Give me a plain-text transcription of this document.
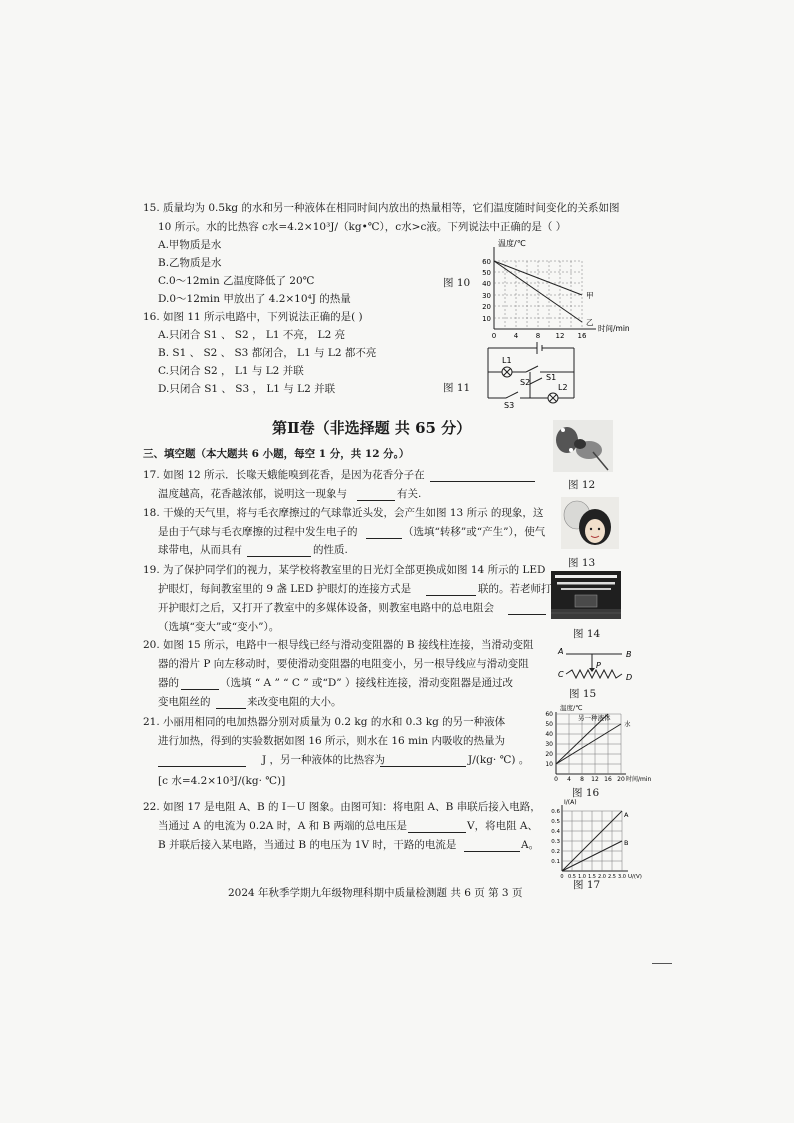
15. 质量均为 0.5kg 的水和另一种液体在相同时间内放出的热量相等，它们温度随时间变化的关系如图
10 所示。水的比热容 c水=4.2×10³J/（kg•℃），c水>c液。下列说法中正确的是（ ）
A.甲物质是水
B.乙物质是水
C.0～12min 乙温度降低了 20℃
D.0～12min 甲放出了 4.2×10⁴J 的热量
图 10
温度/℃
60
50
40
30
20
10
0	4	8 12 16
时间/min
甲
乙
16. 如图 11 所示电路中，下列说法正确的是( )
A.只闭合 S1 、 S2 ， L1 不亮， L2 亮
B. S1 、 S2 、 S3 都闭合， L1 与 L2 都不亮
C.只闭合 S2 ， L1 与 L2 并联
D.只闭合 S1 、 S3 ， L1 与 L2 并联	图 11
L1
S2
S1
L2
S3
第Ⅱ卷（非选择题 共 65 分）
三、填空题（本大题共 6 小题，每空 1 分，共 12 分。）
图 12
17. 如图 12 所示．长喙天蛾能嗅到花香，是因为花香分子在
温度越高，花香越浓郁，说明这一现象与	有关.
图 13
18. 干燥的天气里，将与毛衣摩擦过的气球靠近头发，会产生如图 13 所示 的现象，这
是由于气球与毛衣摩擦的过程中发生电子的	（选填“转移”或“产生”），使气
球带电，从而具有	的性质.
19. 为了保护同学们的视力，某学校将教室里的日光灯全部更换成如图 14 所示的 LED
护眼灯，每间教室里的 9 盏 LED 护眼灯的连接方式是	联的。若老师打
开护眼灯之后，又打开了教室中的多媒体设备，则教室电路中的总电阻会
（选填“变大”或“变小”）。
图 14
20. 如图 15 所示，电路中一根导线已经与滑动变阻器的 B 接线柱连接，当滑动变阻
器的滑片 P 向左移动时，要使滑动变阻器的电阻变小，另一根导线应与滑动变阻
器的	（选填 “ A ” “ C ” 或“D” ）接线柱连接，滑动变阻器是通过改
变电阻丝的	来改变电阻的大小。
A	B
C	D
P
图 15
21. 小丽用相同的电加热器分别对质量为 0.2 kg 的水和 0.3 kg 的另一种液体
进行加热，得到的实验数据如图 16 所示，则水在 16 min 内吸收的热量为
J ，另一种液体的比热容为	J/(kg· ℃) 。
[c 水=4.2×10³J/(kg· ℃)]
温度/℃
60
50
40
30
20
10
0 4 8 12 16 20 时间/min
另一种液体
水
图 16
22. 如图 17 是电阻 A、B 的 I－U 图象。由图可知：将电阻 A、B 串联后接入电路，
当通过 A 的电流为 0.2A 时，A 和 B 两端的总电压是	V，将电阻 A、
B 并联后接入某电路，当通过 B 的电压为 1V 时，干路的电流是	A。
I/(A)
0.6
0.5
0.4
0.3
0.2
0.1
0 0.5 1.0 1.5 2.0 2.5 3.0 U/(V)
A
B
图 17
2024 年秋季学期九年级物理科期中质量检测题 共 6 页 第 3 页
